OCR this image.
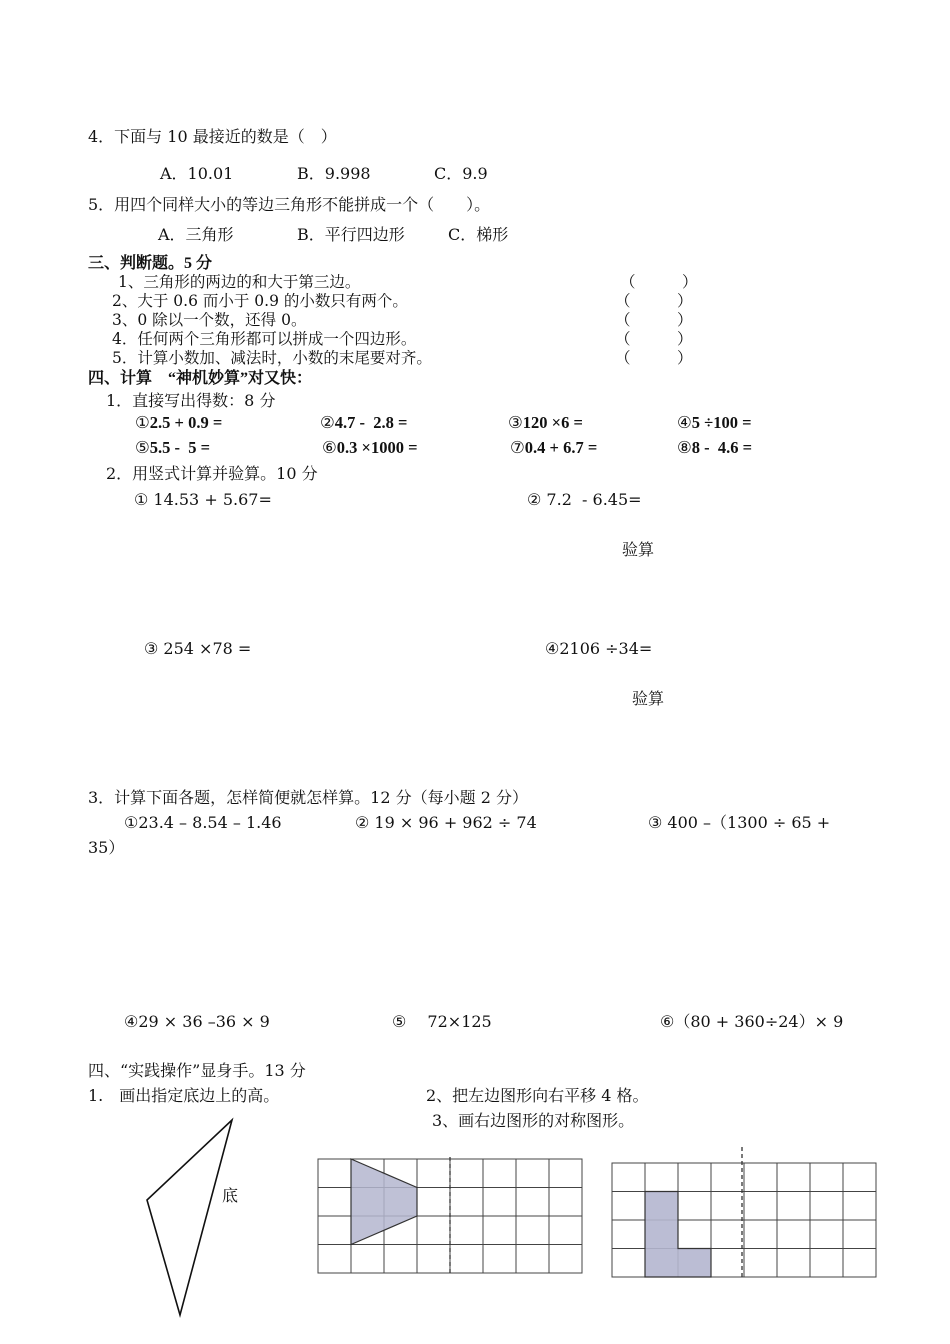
4．下面与 10 最接近的数是（　）
A．10.01	B．9.998	C．9.9
5．用四个同样大小的等边三角形不能拼成一个（　　）。
A．三角形	B．平行四边形	C．梯形
三、判断题。5 分
1、三角形的两边的和大于第三边。	（　　　）
2、大于 0.6 而小于 0.9 的小数只有两个。	（　　　）
3、0 除以一个数，还得 0。	（　　　）
4．任何两个三角形都可以拼成一个四边形。	（　　　）
5．计算小数加、减法时，小数的末尾要对齐。	（　　　）
四、计算　“神机妙算”对又快：
1．直接写出得数：8 分
①2.5 + 0.9 =	②4.7 -  2.8 =	③120 ×6 =	④5 ÷100 =
⑤5.5 -  5 =	⑥0.3 ×1000 =	⑦0.4 + 6.7 =	⑧8 -  4.6 =
2．用竖式计算并验算。10 分
① 14.53 + 5.67=	② 7.2  - 6.45=
验算
③ 254 ×78 =	④2106 ÷34=
验算
3．计算下面各题，怎样简便就怎样算。12 分（每小题 2 分）
①23.4 – 8.54 – 1.46	② 19 × 96 + 962 ÷ 74	③ 400 –（1300 ÷ 65 +
35）
④29 × 36 –36 × 9	⑤　 72×125	⑥（80 + 360÷24）× 9
四、“实践操作”显身手。13 分
1.　画出指定底边上的高。	2、把左边图形向右平移 4 格。
3、画右边图形的对称图形。
底
